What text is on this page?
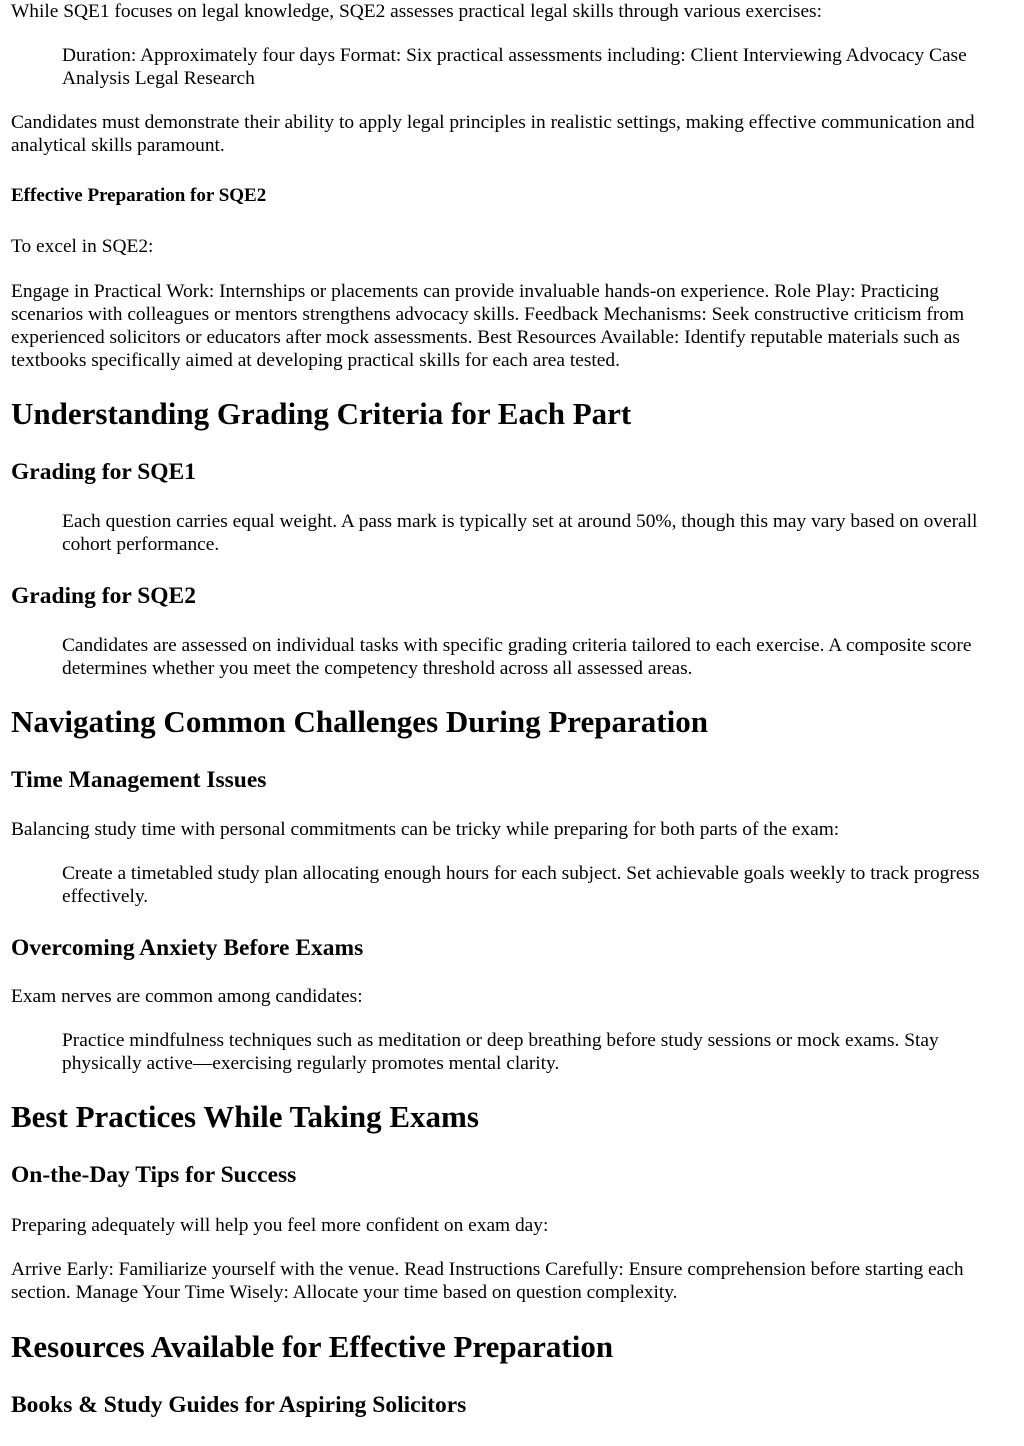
While SQE1 focuses on legal knowledge, SQE2 assesses practical legal skills through various exercises:

Duration: Approximately four days Format: Six practical assessments including: Client Interviewing Advocacy Case Analysis Legal Research

Candidates must demonstrate their ability to apply legal principles in realistic settings, making effective communication and analytical skills paramount.

Effective Preparation for SQE2

To excel in SQE2:

Engage in Practical Work: Internships or placements can provide invaluable hands-on experience. Role Play: Practicing scenarios with colleagues or mentors strengthens advocacy skills. Feedback Mechanisms: Seek constructive criticism from experienced solicitors or educators after mock assessments. Best Resources Available: Identify reputable materials such as textbooks specifically aimed at developing practical skills for each area tested.

Understanding Grading Criteria for Each Part
Grading for SQE1
Each question carries equal weight. A pass mark is typically set at around 50%, though this may vary based on overall cohort performance.
Grading for SQE2
Candidates are assessed on individual tasks with specific grading criteria tailored to each exercise. A composite score determines whether you meet the competency threshold across all assessed areas.
Navigating Common Challenges During Preparation
Time Management Issues

Balancing study time with personal commitments can be tricky while preparing for both parts of the exam:

Create a timetabled study plan allocating enough hours for each subject. Set achievable goals weekly to track progress effectively.
Overcoming Anxiety Before Exams

Exam nerves are common among candidates:

Practice mindfulness techniques such as meditation or deep breathing before study sessions or mock exams. Stay physically active—exercising regularly promotes mental clarity.
Best Practices While Taking Exams
On-the-Day Tips for Success

Preparing adequately will help you feel more confident on exam day:

Arrive Early: Familiarize yourself with the venue. Read Instructions Carefully: Ensure comprehension before starting each section. Manage Your Time Wisely: Allocate your time based on question complexity.

Resources Available for Effective Preparation
Books & Study Guides for Aspiring Solicitors
